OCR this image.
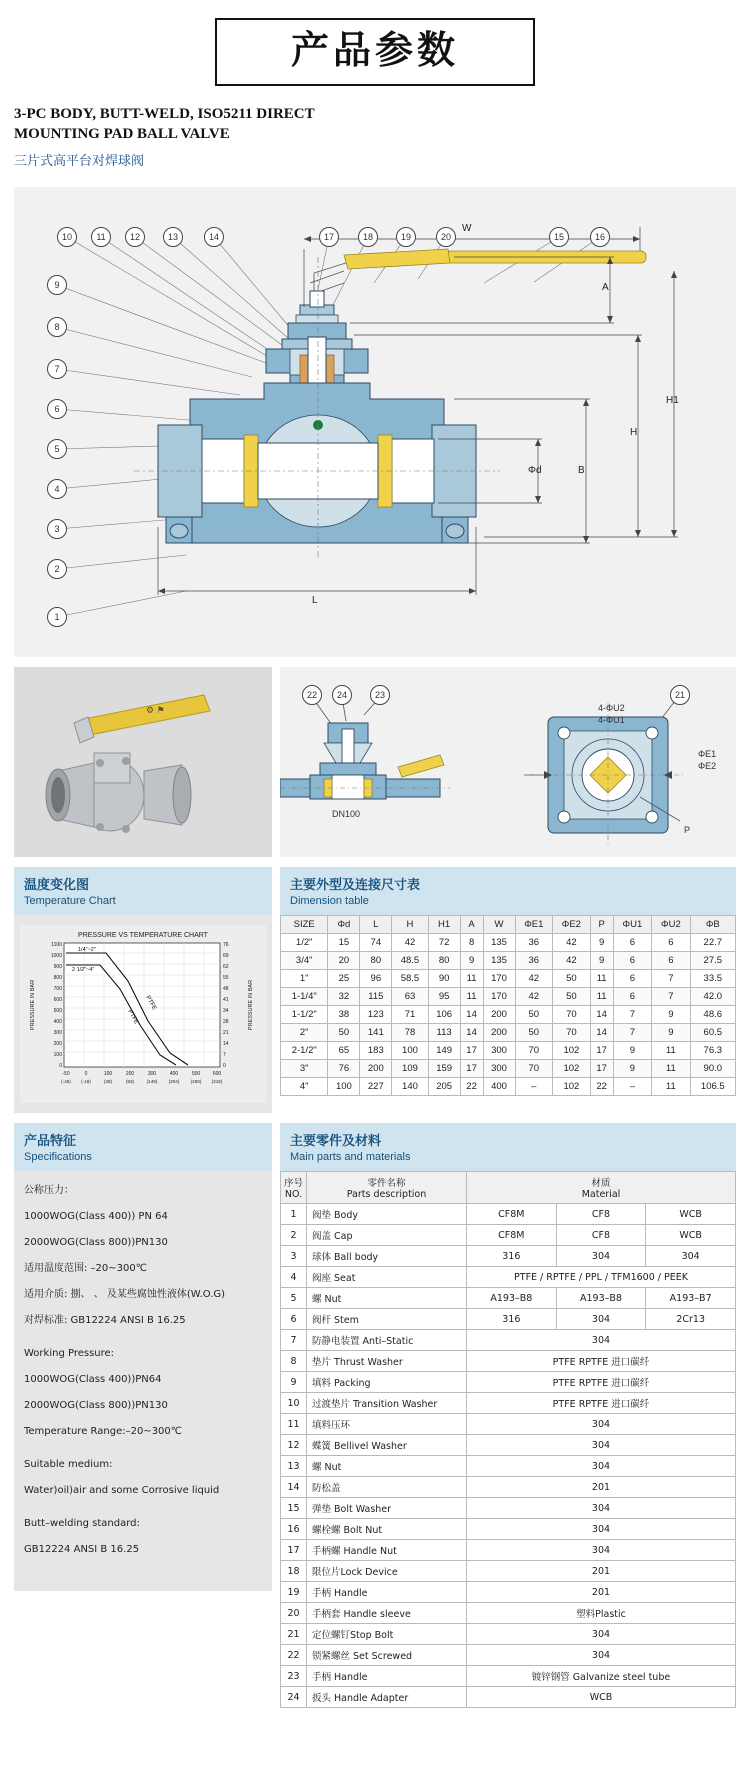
产品参数
3-PC BODY, BUTT-WELD, ISO5211 DIRECT
MOUNTING PAD BALL VALVE
三片式高平台对焊球阀
W
A
H1
H
B
Φd
L
10	11	12	13	14	17	18	19	20	15	16
9
8
7
6
5
4
3
2
1
⚙ ⚑
DN100
22	24	23	21
4-ΦU2
4-ΦU1
ΦE1
ΦE2
P
温度变化图
Temperature Chart
PRESSURE VS TEMPERATURE CHART
1/4"~2"
2 1/2"~4"
PTFE
PTFE
1100
1000
900
800
700
600
500
400
300
200
100
0
76
69
62
55
48
41
34
28
21
14
7
0
-50	0	100	200	300	400	500	600
(-46) (-18)	(38)	(93)	(149) (204) (260) (316)
PRESSURE IN BAR	PRESSURE IN BAR
主要外型及连接尺寸表
Dimension table
SIZE	Φd	L	H	H1	A	W	ΦE1	ΦE2	P	ΦU1	ΦU2	ΦB
1/2"	15	74	42	72	8	135	36	42	9	6	6	22.7
3/4"	20	80	48.5	80	9	135	36	42	9	6	6	27.5
1"	25	96	58.5	90	11	170	42	50	11	6	7	33.5
1-1/4"	32	115	63	95	11	170	42	50	11	6	7	42.0
1-1/2"	38	123	71	106	14	200	50	70	14	7	9	48.6
2"	50	141	78	113	14	200	50	70	14	7	9	60.5
2-1/2"	65	183	100	149	17	300	70	102	17	9	11	76.3
3"	76	200	109	159	17	300	70	102	17	9	11	90.0
4"	100	227	140	205	22	400	–	102	22	–	11	106.5
产品特征
Specifications
公称压力：
1000WOG(Class 400)) PN 64
2000WOG(Class 800))PN130
适用温度范围: –20~300℃
适用介质: 捌、 、 及某些腐蚀性液体(W.O.G)
对焊标准: GB12224 ANSI B 16.25
Working Pressure:
1000WOG(Class 400))PN64
2000WOG(Class 800))PN130
Temperature Range:–20~300℃
Suitable medium:
Water)oil)air and some Corrosive liquid
Butt–welding standard:
GB12224 ANSI B 16.25
主要零件及材料
Main parts and materials
序号
NO.

零件名称
Parts description

材质
Material

1	阀垫 Body	CF8M	CF8	WCB
2	阀盖 Cap	CF8M	CF8	WCB
3	球体 Ball body	316	304	304
4	阀座 Seat	PTFE / RPTFE / PPL / TFM1600 / PEEK		
5	螺 Nut	A193–B8	A193–B8	A193–B7
6	阀杆 Stem	316	304	2Cr13
7	防静电装置 Anti–Static	304		
8	垫片 Thrust Washer	PTFE RPTFE 进口碳纤		
9	填料 Packing	PTFE RPTFE 进口碳纤		
10	过渡垫片 Transition Washer	PTFE RPTFE 进口碳纤		
11	填料压环	304		
12	蝶簧 Bellivel Washer	304		
13	螺 Nut	304		
14	防松盖	201		
15	弹垫 Bolt Washer	304		
16	螺栓螺 Bolt Nut	304		
17	手柄螺 Handle Nut	304		
18	限位片Lock Device	201		
19	手柄 Handle	201		
20	手柄套 Handle sleeve	塑料Plastic		
21	定位螺钉Stop Bolt	304		
22	锁紧螺丝 Set Screwed	304		
23	手柄 Handle	镀锌钢管 Galvanize steel tube		
24	扳头 Handle Adapter	WCB		
